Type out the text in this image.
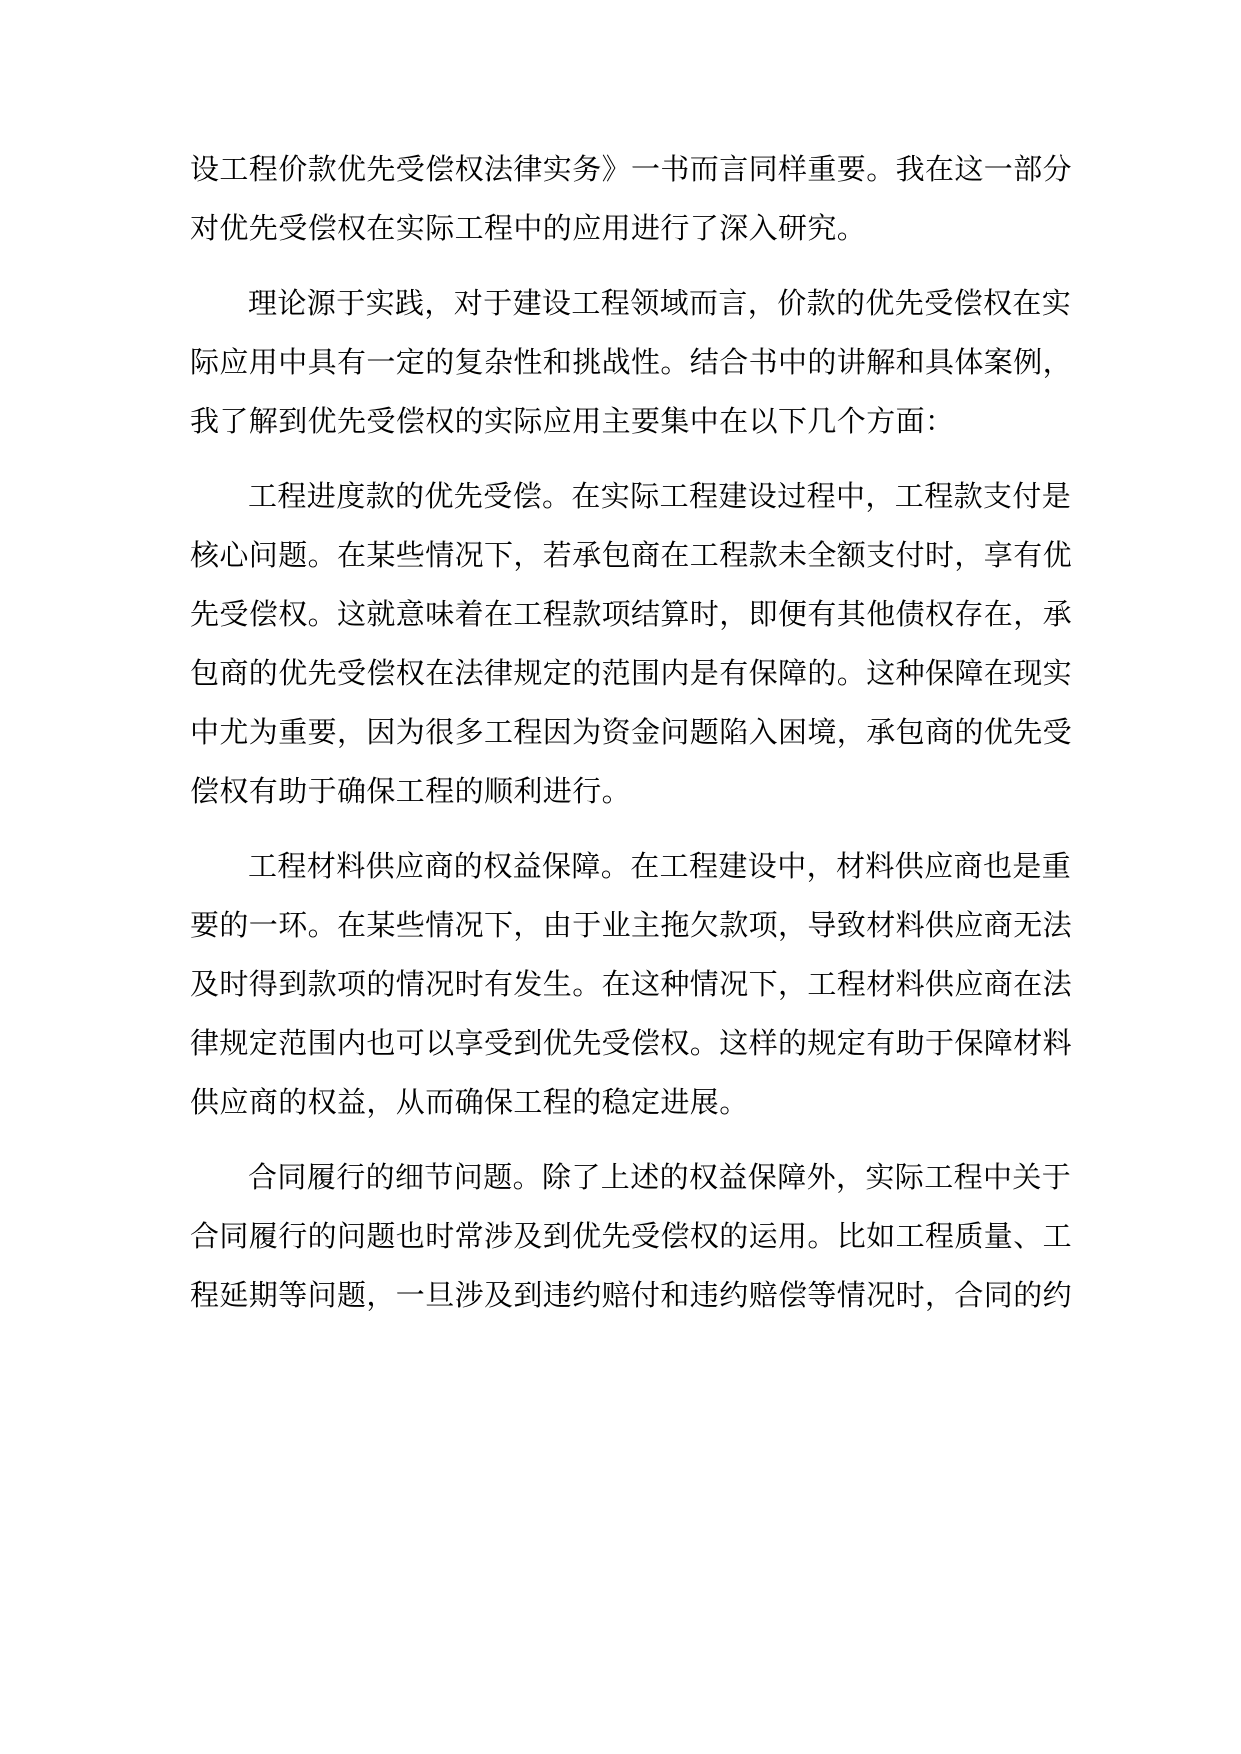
设工程价款优先受偿权法律实务》一书而言同样重要。我在这一部分
对优先受偿权在实际工程中的应用进行了深入研究。
理论源于实践，对于建设工程领域而言，价款的优先受偿权在实
际应用中具有一定的复杂性和挑战性。结合书中的讲解和具体案例，
我了解到优先受偿权的实际应用主要集中在以下几个方面：
工程进度款的优先受偿。在实际工程建设过程中，工程款支付是
核心问题。在某些情况下，若承包商在工程款未全额支付时，享有优
先受偿权。这就意味着在工程款项结算时，即便有其他债权存在，承
包商的优先受偿权在法律规定的范围内是有保障的。这种保障在现实
中尤为重要，因为很多工程因为资金问题陷入困境，承包商的优先受
偿权有助于确保工程的顺利进行。
工程材料供应商的权益保障。在工程建设中，材料供应商也是重
要的一环。在某些情况下，由于业主拖欠款项，导致材料供应商无法
及时得到款项的情况时有发生。在这种情况下，工程材料供应商在法
律规定范围内也可以享受到优先受偿权。这样的规定有助于保障材料
供应商的权益，从而确保工程的稳定进展。
合同履行的细节问题。除了上述的权益保障外，实际工程中关于
合同履行的问题也时常涉及到优先受偿权的运用。比如工程质量、工
程延期等问题，一旦涉及到违约赔付和违约赔偿等情况时，合同的约
